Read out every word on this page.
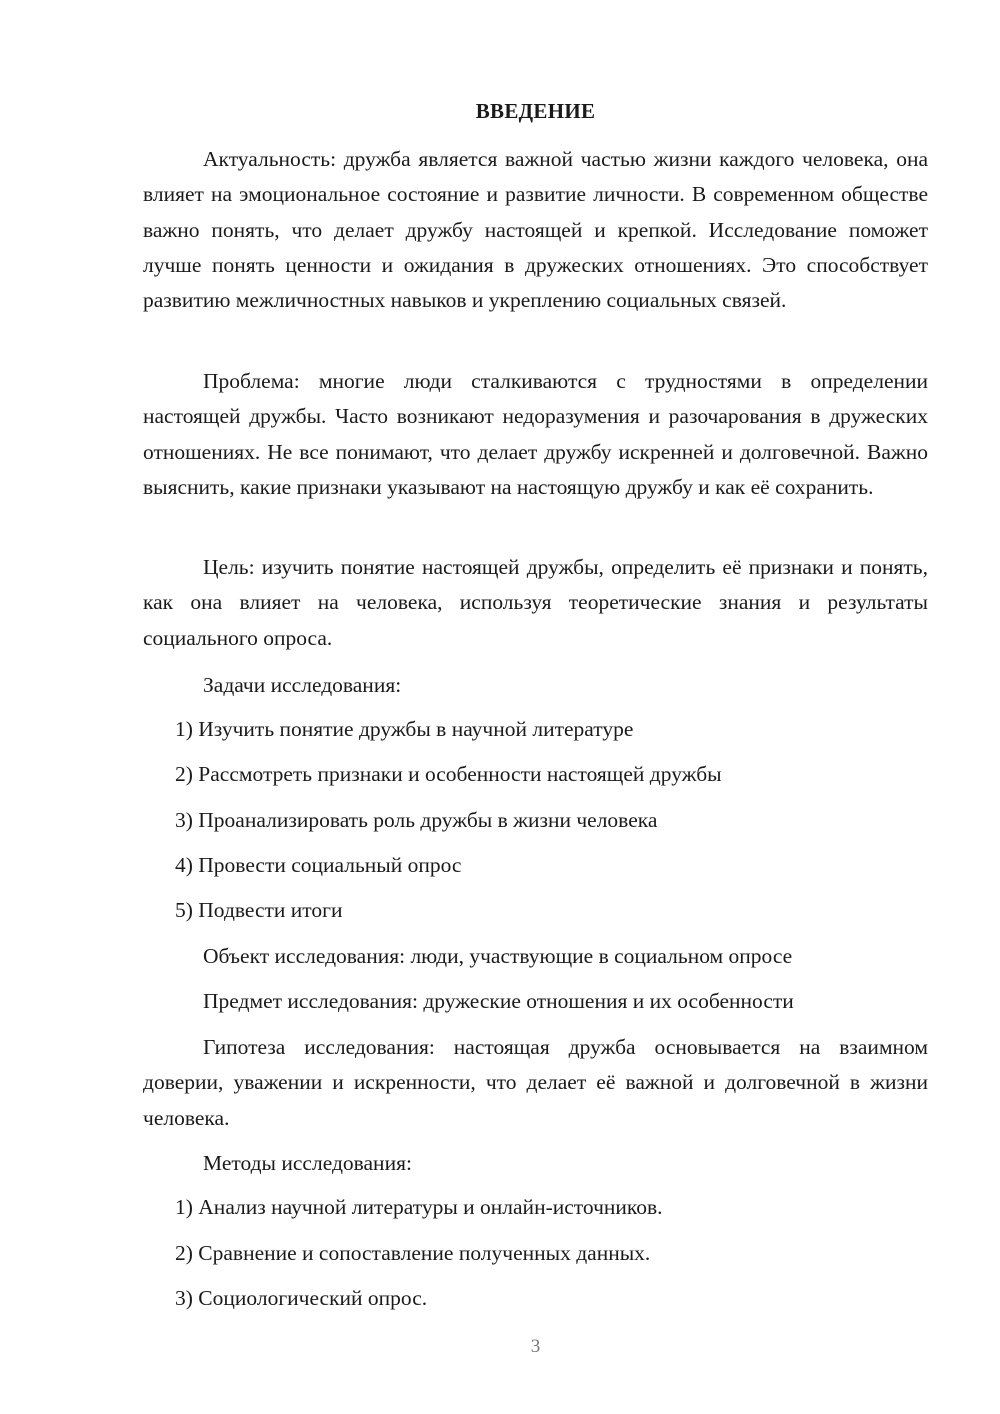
ВВЕДЕНИЕ

Актуальность: дружба является важной частью жизни каждого человека, она влияет на эмоциональное состояние и развитие личности. В современном обществе важно понять, что делает дружбу настоящей и крепкой. Исследование поможет лучше понять ценности и ожидания в дружеских отношениях. Это способствует развитию межличностных навыков и укреплению социальных связей.

Проблема: многие люди сталкиваются с трудностями в определении настоящей дружбы. Часто возникают недоразумения и разочарования в дружеских отношениях. Не все понимают, что делает дружбу искренней и долговечной. Важно выяснить, какие признаки указывают на настоящую дружбу и как её сохранить.

Цель: изучить понятие настоящей дружбы, определить её признаки и понять, как она влияет на человека, используя теоретические знания и результаты социального опроса.

Задачи исследования:
1) Изучить понятие дружбы в научной литературе
2) Рассмотреть признаки и особенности настоящей дружбы
3) Проанализировать роль дружбы в жизни человека
4) Провести социальный опрос
5) Подвести итоги
Объект исследования: люди, участвующие в социальном опросе
Предмет исследования: дружеские отношения и их особенности

Гипотеза исследования: настоящая дружба основывается на взаимном доверии, уважении и искренности, что делает её важной и долговечной в жизни человека.

Методы исследования:
1) Анализ научной литературы и онлайн-источников.
2) Сравнение и сопоставление полученных данных.
3) Социологический опрос.
3
